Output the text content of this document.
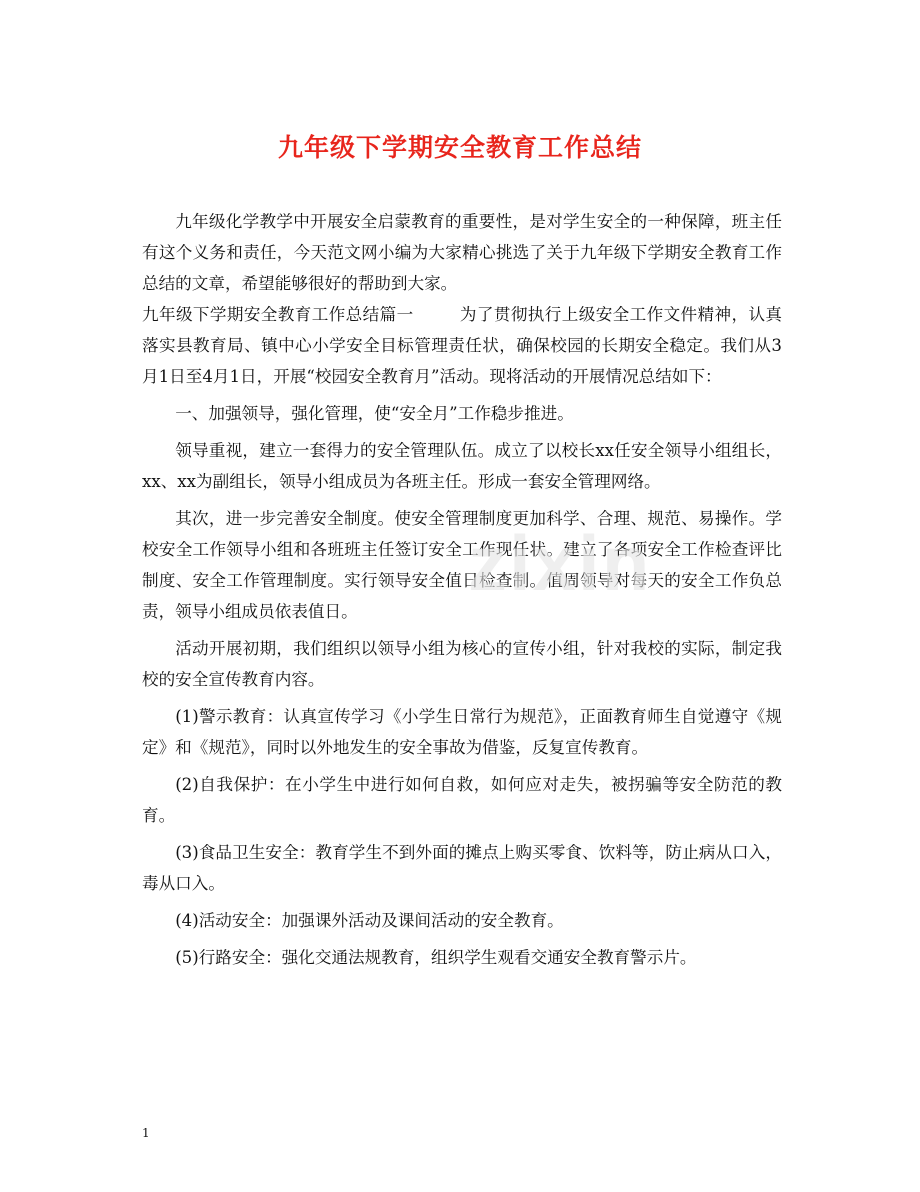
九年级下学期安全教育工作总结

九年级化学教学中开展安全启蒙教育的重要性，是对学生安全的一种保障，班主任有这个义务和责任，今天范文网小编为大家精心挑选了关于九年级下学期安全教育工作总结的文章，希望能够很好的帮助到大家。

九年级下学期安全教育工作总结篇一	为了贯彻执行上级安全工作文件精神，认真落实县教育局、镇中心小学安全目标管理责任状，确保校园的长期安全稳定。我们从3月1日至4月1日，开展“校园安全教育月”活动。现将活动的开展情况总结如下：

一、加强领导，强化管理，使“安全月”工作稳步推进。

领导重视，建立一套得力的安全管理队伍。成立了以校长xx任安全领导小组组长，xx、xx为副组长，领导小组成员为各班主任。形成一套安全管理网络。

其次，进一步完善安全制度。使安全管理制度更加科学、合理、规范、易操作。学校安全工作领导小组和各班班主任签订安全工作现任状。建立了各项安全工作检查评比制度、安全工作管理制度。实行领导安全值日检查制。值周领导对每天的安全工作负总责，领导小组成员依表值日。

活动开展初期，我们组织以领导小组为核心的宣传小组，针对我校的实际，制定我校的安全宣传教育内容。

(1)警示教育：认真宣传学习《小学生日常行为规范》，正面教育师生自觉遵守《规定》和《规范》，同时以外地发生的安全事故为借鉴，反复宣传教育。

(2)自我保护：在小学生中进行如何自救，如何应对走失，被拐骗等安全防范的教育。

(3)食品卫生安全：教育学生不到外面的摊点上购买零食、饮料等，防止病从口入，毒从口入。

(4)活动安全：加强课外活动及课间活动的安全教育。

(5)行路安全：强化交通法规教育，组织学生观看交通安全教育警示片。

zixin
1
